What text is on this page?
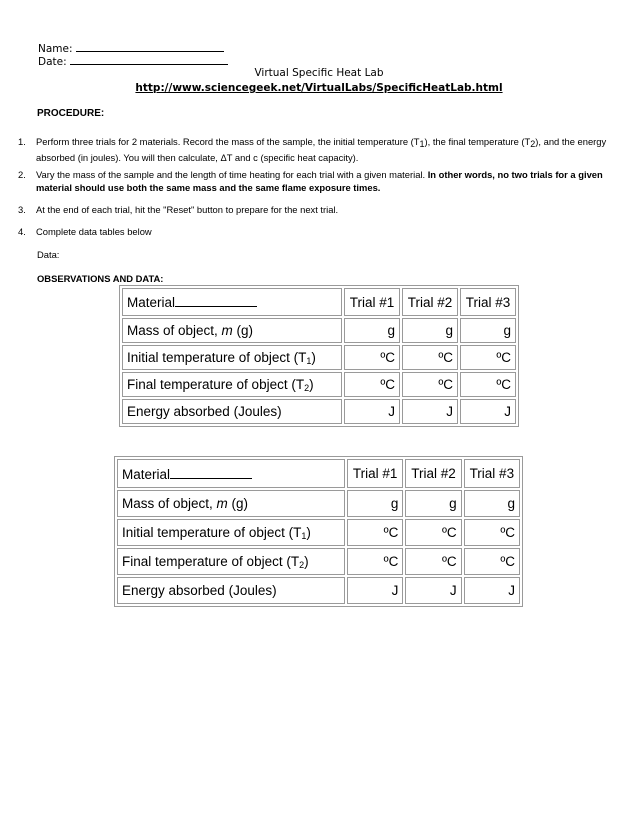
Name:
Date:
Virtual Specific Heat Lab
http://www.sciencegeek.net/VirtualLabs/SpecificHeatLab.html
PROCEDURE:
1. Perform three trials for 2 materials. Record the mass of the sample, the initial temperature $(T_1)$, the final temperature $(T_2)$, and the energy absorbed (in joules). You will then calculate, ΔT and c (specific heat capacity).
2. Vary the mass of the sample and the length of time heating for each trial with a given material. In other words, no two trials for a given material should use both the same mass and the same flame exposure times.
3. At the end of each trial, hit the "Reset" button to prepare for the next trial.
4. Complete data tables below
Data:
OBSERVATIONS AND DATA:
Material	Trial #1	Trial #2	Trial #3
Mass of object, m (g)	g	g	g
Initial temperature of object $(T_1)$	ºC	ºC	ºC
Final temperature of object $(T_2)$	ºC	ºC	ºC
Energy absorbed (Joules)	J	J	J
Material	Trial #1	Trial #2	Trial #3
Mass of object, m (g)	g	g	g
Initial temperature of object $(T_1)$	ºC	ºC	ºC
Final temperature of object $(T_2)$	ºC	ºC	ºC
Energy absorbed (Joules)	J	J	J
